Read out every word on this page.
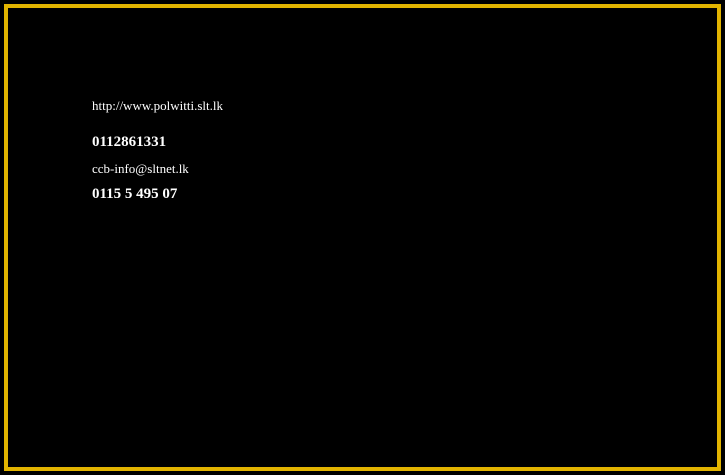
http://www.polwitti.slt.lk
0112861331
ccb-info@sltnet.lk
0115 5 495 07
